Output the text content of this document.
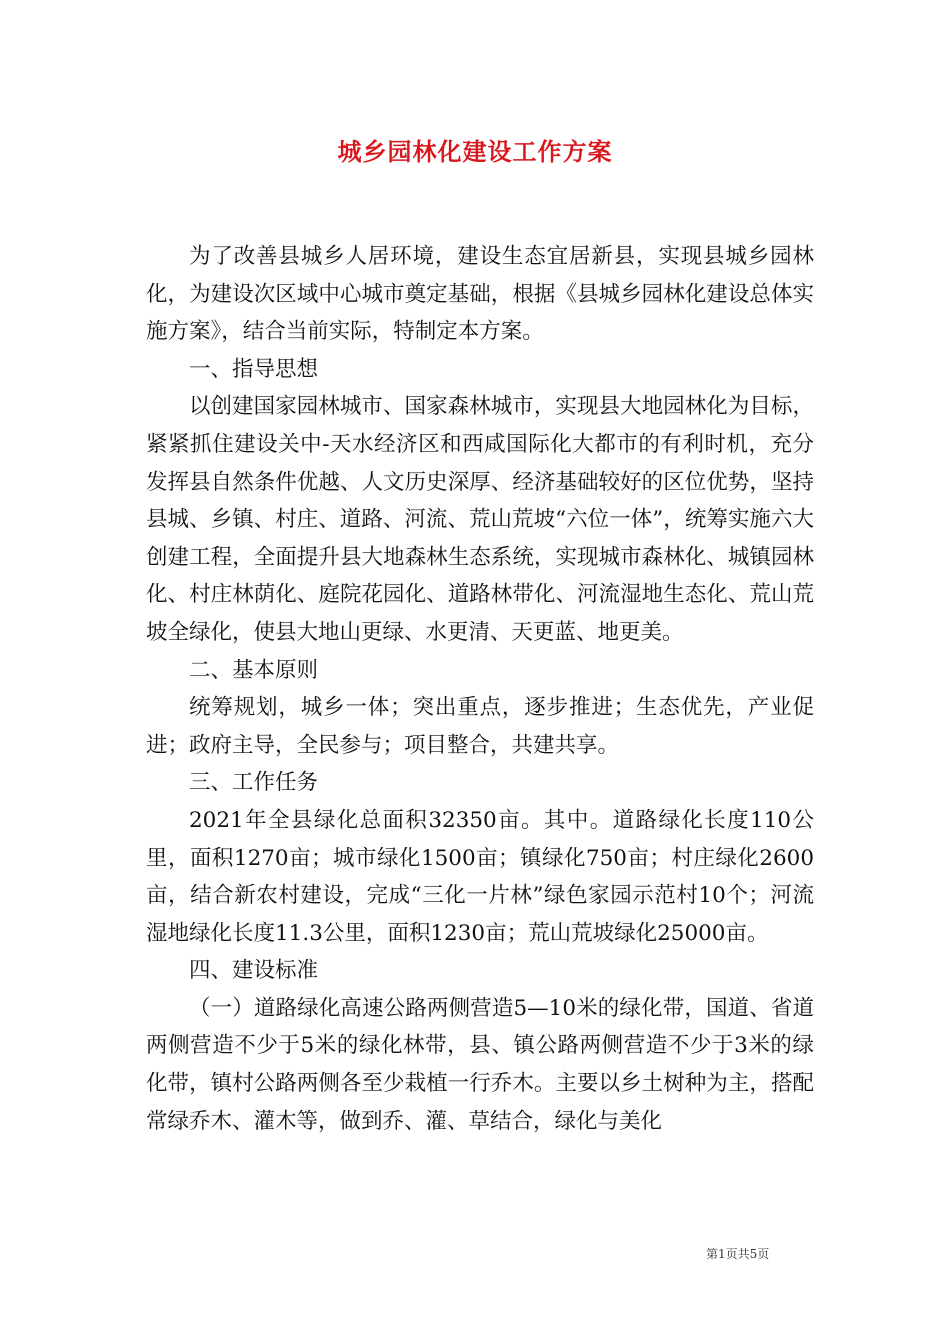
城乡园林化建设工作方案

为了改善县城乡人居环境，建设生态宜居新县，实现县城乡园林化，为建设次区域中心城市奠定基础，根据《县城乡园林化建设总体实施方案》，结合当前实际，特制定本方案。

一、指导思想

以创建国家园林城市、国家森林城市，实现县大地园林化为目标，紧紧抓住建设关中-天水经济区和西咸国际化大都市的有利时机，充分发挥县自然条件优越、人文历史深厚、经济基础较好的区位优势，坚持县城、乡镇、村庄、道路、河流、荒山荒坡“六位一体”，统筹实施六大创建工程，全面提升县大地森林生态系统，实现城市森林化、城镇园林化、村庄林荫化、庭院花园化、道路林带化、河流湿地生态化、荒山荒坡全绿化，使县大地山更绿、水更清、天更蓝、地更美。

二、基本原则

统筹规划，城乡一体；突出重点，逐步推进；生态优先，产业促进；政府主导，全民参与；项目整合，共建共享。

三、工作任务

2021年全县绿化总面积32350亩。其中。道路绿化长度110公里，面积1270亩；城市绿化1500亩；镇绿化750亩；村庄绿化2600亩，结合新农村建设，完成“三化一片林”绿色家园示范村10个；河流湿地绿化长度11.3公里，面积1230亩；荒山荒坡绿化25000亩。

四、建设标准

（一）道路绿化高速公路两侧营造5—10米的绿化带，国道、省道两侧营造不少于5米的绿化林带，县、镇公路两侧营造不少于3米的绿化带，镇村公路两侧各至少栽植一行乔木。主要以乡土树种为主，搭配常绿乔木、灌木等，做到乔、灌、草结合，绿化与美化

第1页共5页
